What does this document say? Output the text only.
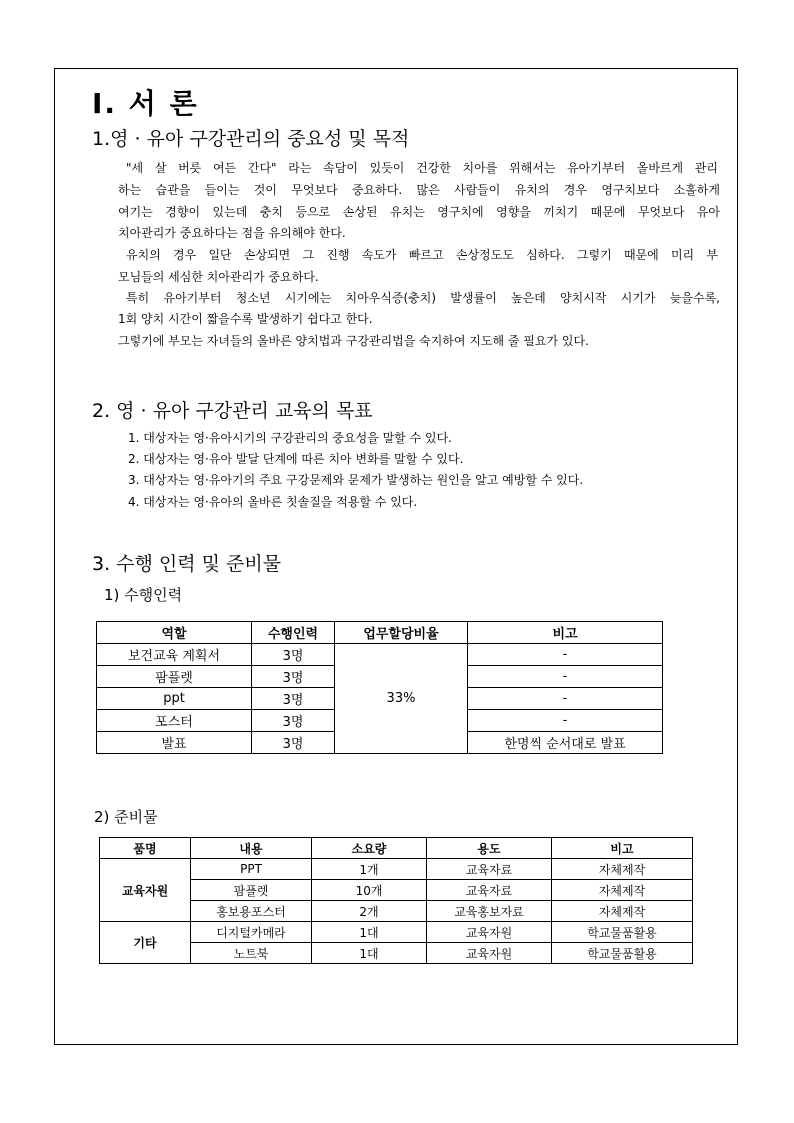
I. 서 론
1.영 · 유아 구강관리의 중요성 및 목적
"세 살 버릇 여든 간다" 라는 속담이 있듯이 건강한 치아를 위해서는 유아기부터 올바르게 관리
하는 습관을 들이는 것이 무엇보다 중요하다. 많은 사람들이 유치의 경우 영구치보다 소홀하게
여기는 경향이 있는데 충치 등으로 손상된 유치는 영구치에 영향을 끼치기 때문에 무엇보다 유아
치아관리가 중요하다는 점을 유의해야 한다.
유치의 경우 일단 손상되면 그 진행 속도가 빠르고 손상정도도 심하다. 그렇기 때문에 미리 부
모님들의 세심한 치아관리가 중요하다.
특히 유아기부터 청소년 시기에는 치아우식증(충치) 발생률이 높은데 양치시작 시기가 늦을수록,
1회 양치 시간이 짧을수록 발생하기 쉽다고 한다.
그렇기에 부모는 자녀들의 올바른 양치법과 구강관리법을 숙지하여 지도해 줄 필요가 있다.
2. 영 · 유아 구강관리 교육의 목표
1. 대상자는 영·유아시기의 구강관리의 중요성을 말할 수 있다.
2. 대상자는 영·유아 발달 단계에 따른 치아 변화를 말할 수 있다.
3. 대상자는 영·유아기의 주요 구강문제와 문제가 발생하는 원인을 알고 예방할 수 있다.
4. 대상자는 영·유아의 올바른 칫솔질을 적용할 수 있다.
3. 수행 인력 및 준비물
1) 수행인력
역할	수행인력	업무할당비율	비고
보건교육 계획서	3명	33%	-
팜플렛	3명		-
ppt	3명		-
포스터	3명		-
발표	3명		한명씩 순서대로 발표
2) 준비물
품명	내용	소요량	용도	비고
교육자원	PPT	1개	교육자료	자체제작
	팜플렛	10개	교육자료	자체제작
	홍보용포스터	2개	교육홍보자료	자체제작
기타	디지털카메라	1대	교육자원	학교물품활용
	노트북	1대	교육자원	학교물품활용
